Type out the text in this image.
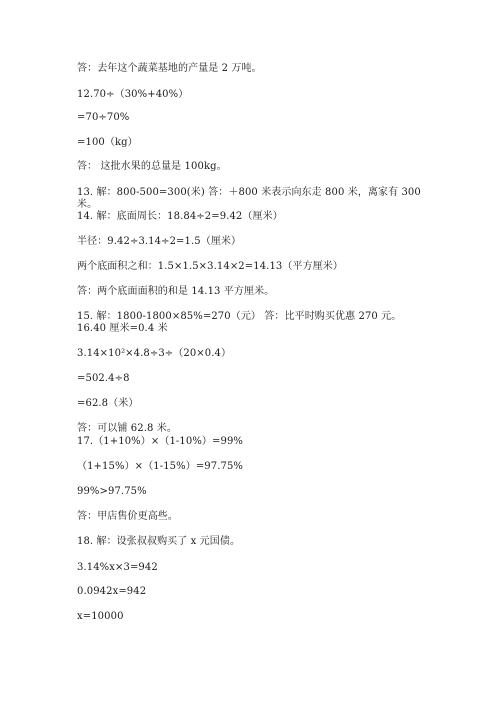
答：去年这个蔬菜基地的产量是 2 万吨。
12.70÷（30%+40%）
=70÷70%
=100（kg）
答： 这批水果的总量是 100kg。
13. 解：800-500=300(米) 答：＋800 米表示向东走 800 米，离家有 300
米。
14. 解：底面周长：18.84÷2=9.42（厘米）
半径：9.42÷3.14÷2=1.5（厘米）
两个底面积之和：1.5×1.5×3.14×2=14.13（平方厘米）
答：两个底面面积的和是 14.13 平方厘米。
15. 解：1800-1800×85%=270（元） 答：比平时购买优惠 270 元。
16.40 厘米=0.4 米
3.14×10²×4.8÷3÷（20×0.4）
=502.4÷8
=62.8（米）
答：可以铺 62.8 米。
17.（1+10%）×（1-10%）=99%
（1+15%）×（1-15%）=97.75%
99%>97.75%
答：甲店售价更高些。
18. 解：设张叔叔购买了 x 元国债。
3.14%x×3=942
0.0942x=942
x=10000
